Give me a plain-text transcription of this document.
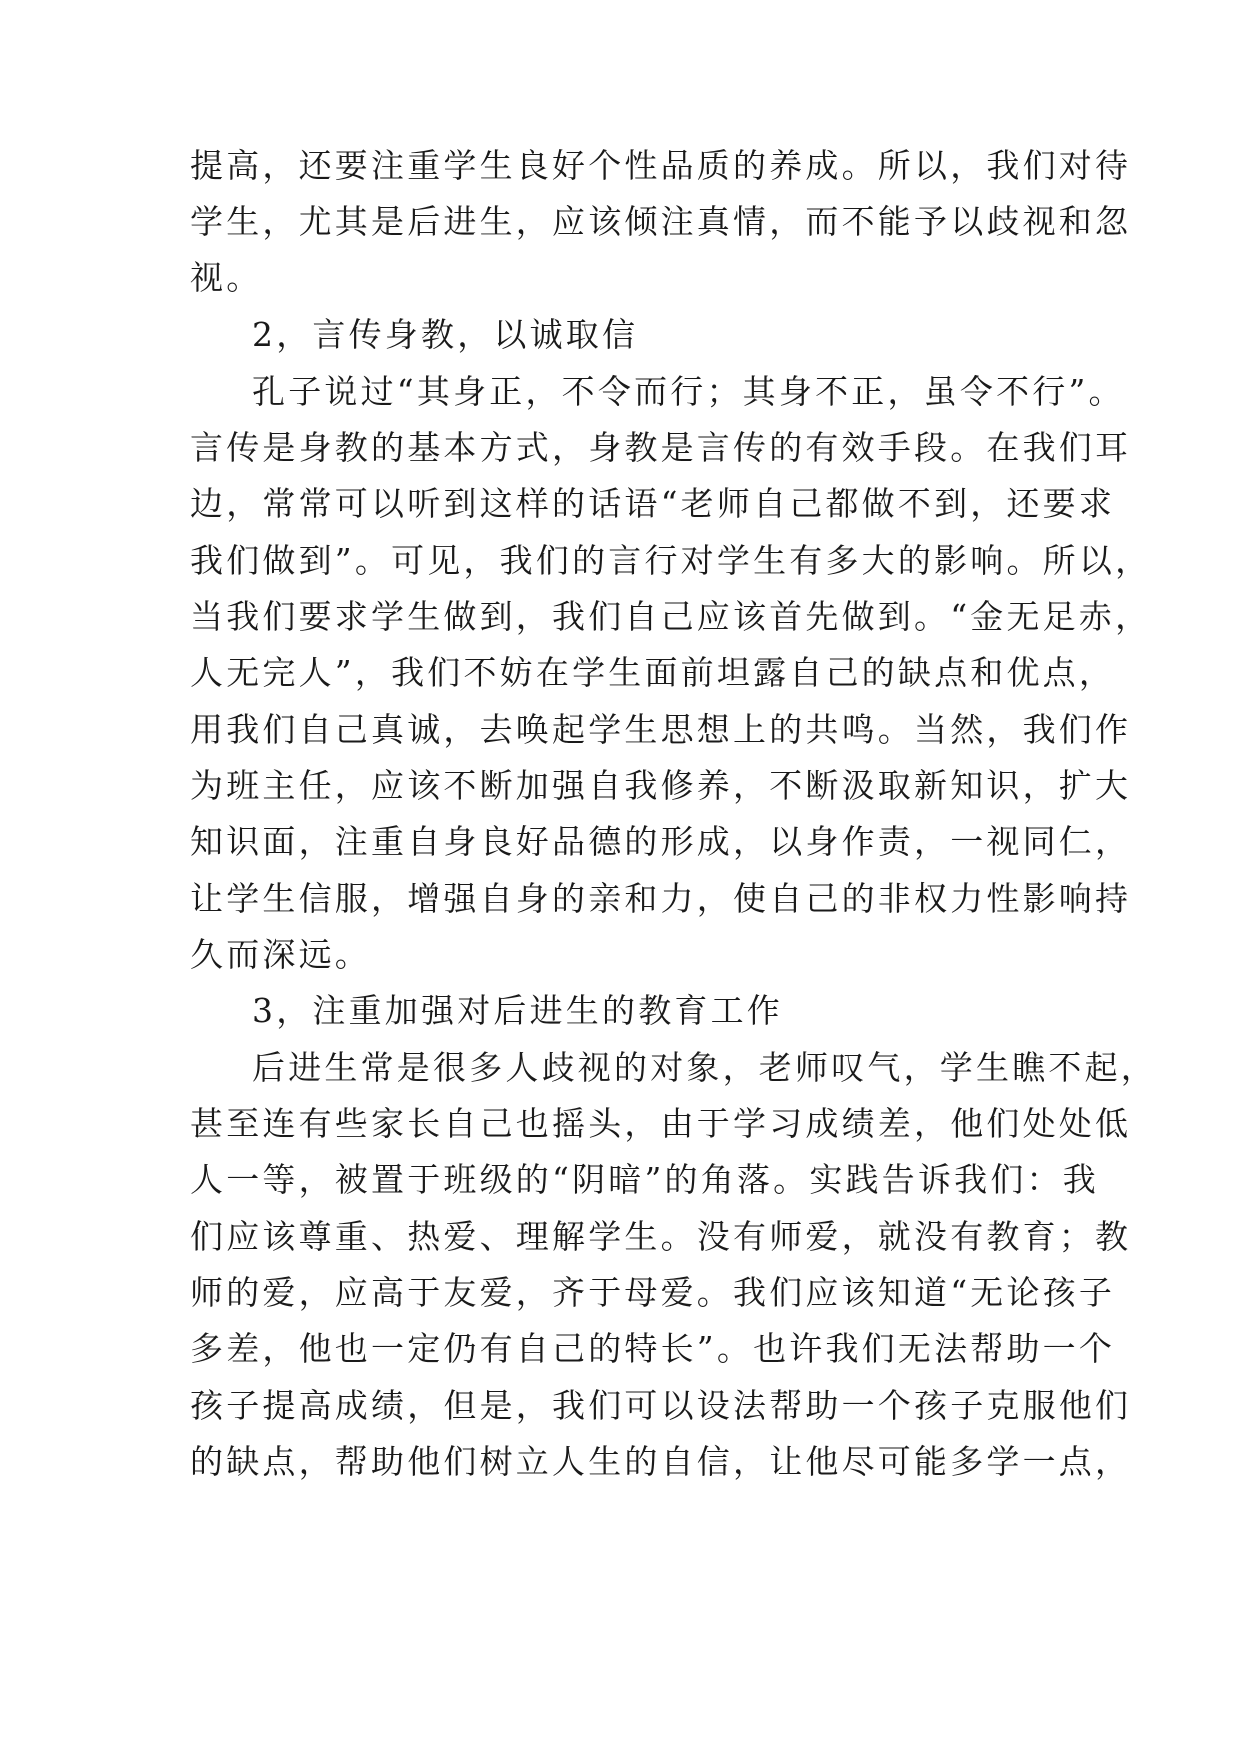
提高，还要注重学生良好个性品质的养成。所以，我们对待
学生，尤其是后进生，应该倾注真情，而不能予以歧视和忽
视。
2，言传身教，以诚取信
孔子说过“其身正，不令而行；其身不正，虽令不行”。
言传是身教的基本方式，身教是言传的有效手段。在我们耳
边，常常可以听到这样的话语“老师自己都做不到，还要求
我们做到”。可见，我们的言行对学生有多大的影响。所以，
当我们要求学生做到，我们自己应该首先做到。“金无足赤，
人无完人”，我们不妨在学生面前坦露自己的缺点和优点，
用我们自己真诚，去唤起学生思想上的共鸣。当然，我们作
为班主任，应该不断加强自我修养，不断汲取新知识，扩大
知识面，注重自身良好品德的形成，以身作责，一视同仁，
让学生信服，增强自身的亲和力，使自己的非权力性影响持
久而深远。
3，注重加强对后进生的教育工作
后进生常是很多人歧视的对象，老师叹气，学生瞧不起，
甚至连有些家长自己也摇头，由于学习成绩差，他们处处低
人一等，被置于班级的“阴暗”的角落。实践告诉我们：我
们应该尊重、热爱、理解学生。没有师爱，就没有教育；教
师的爱，应高于友爱，齐于母爱。我们应该知道“无论孩子
多差，他也一定仍有自己的特长”。也许我们无法帮助一个
孩子提高成绩，但是，我们可以设法帮助一个孩子克服他们
的缺点，帮助他们树立人生的自信，让他尽可能多学一点，
